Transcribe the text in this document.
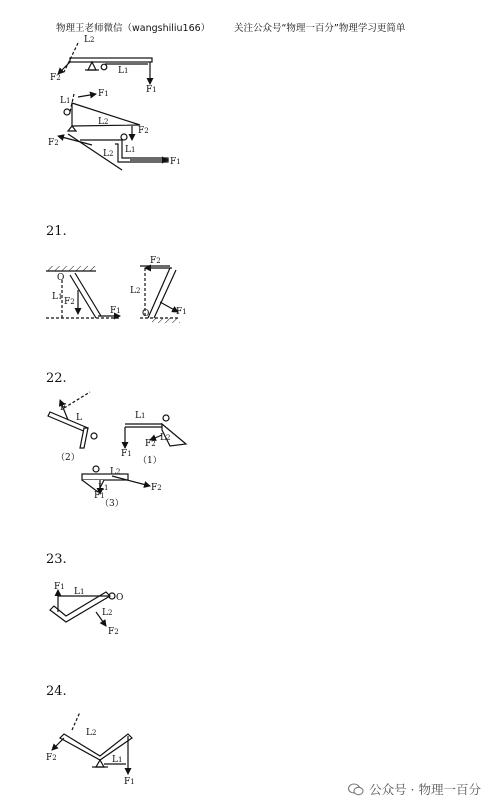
物理王老师微信（wangshiliu166）	关注公众号“物理一百分”物理学习更简单
21.
22.
23.
24.
L2
F2
L1
F1
F1
L1
L2
F2
F2
L2 L1
F1
O
L1 F2
F1
F2
L2
O	F1
F
L
（2）
L1
F2
L2
F1
（1）
L2
F2
L1
F1
（3）
F1 L1
O
L2
F2
L2
F2	L1
F1	公众号 · 物理一百分
